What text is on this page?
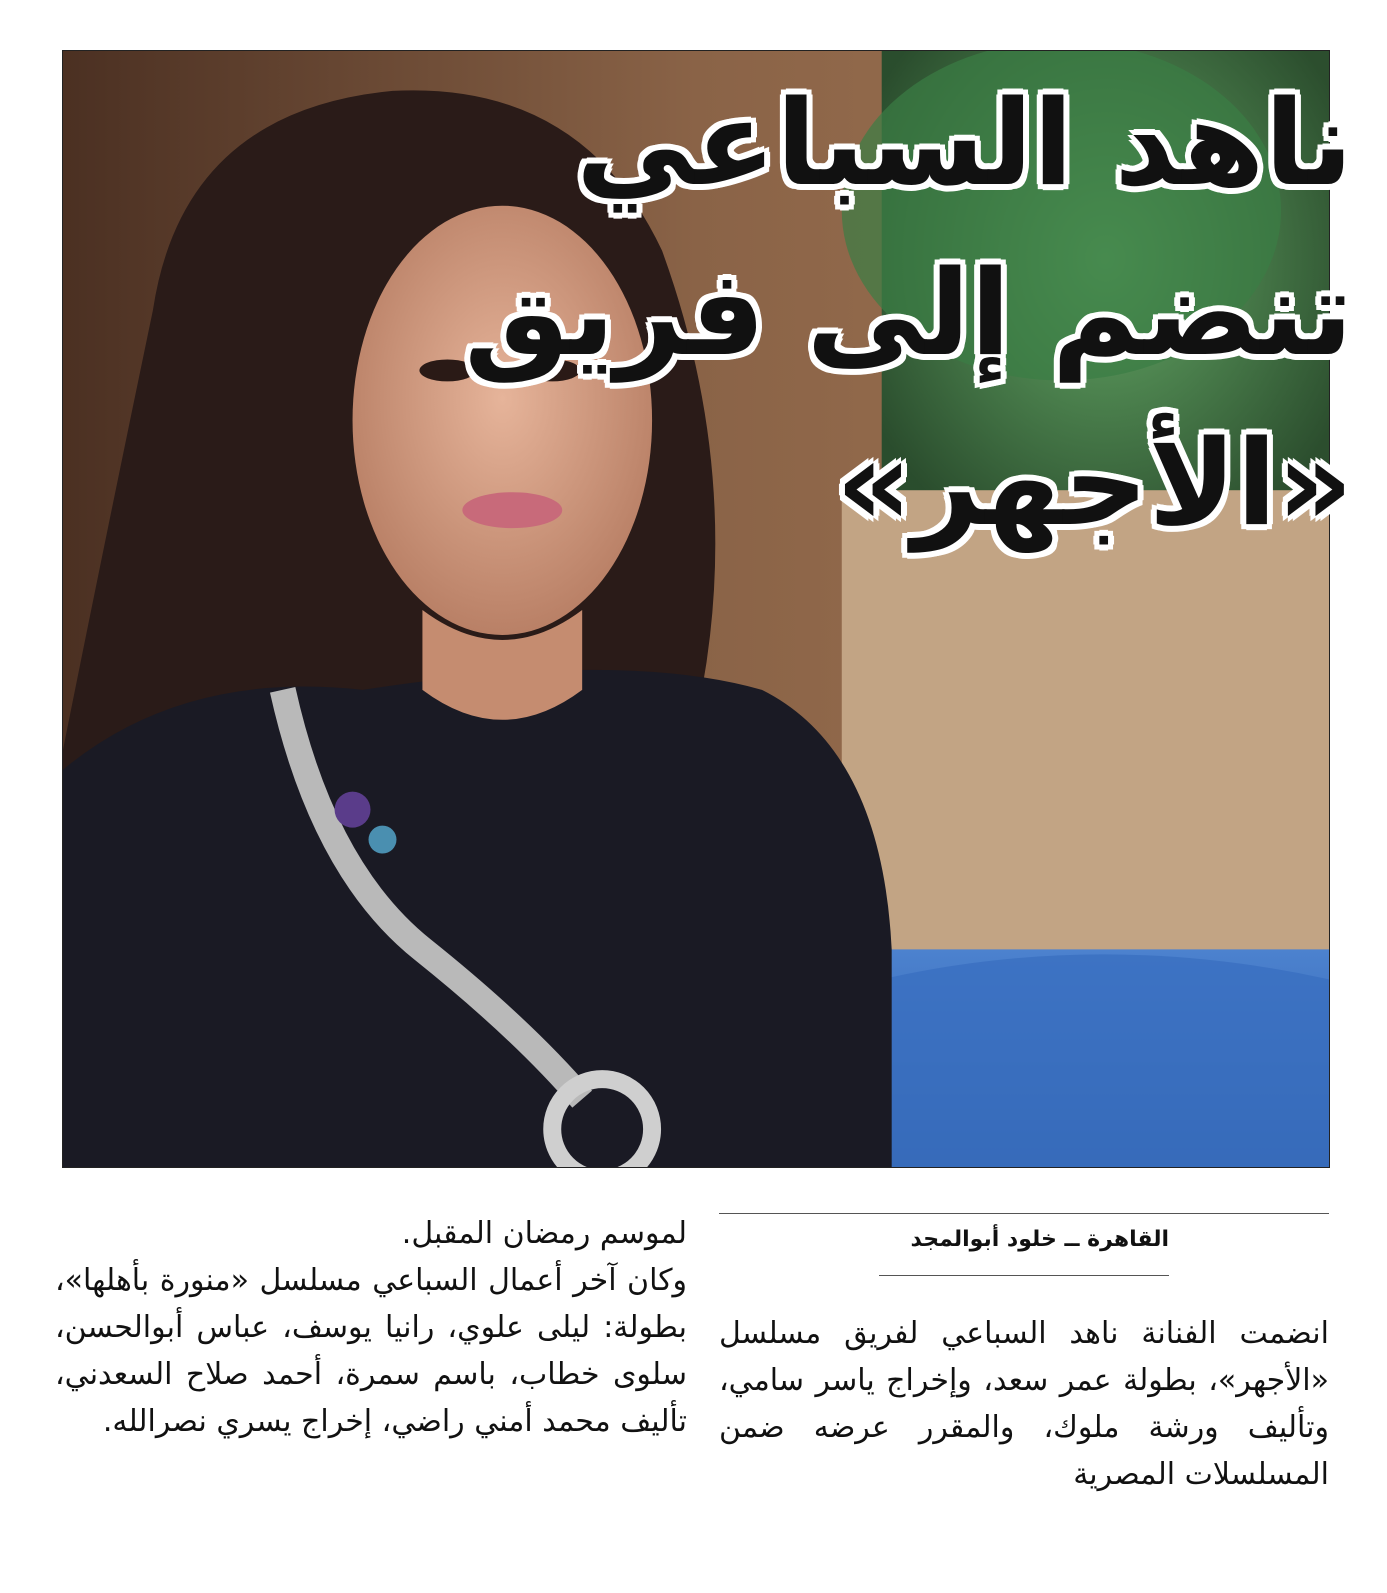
ناهد السباعي
تنضم إلى فريق
«الأجهر»
القاهرة ــ خلود أبوالمجد

انضمت الفنانة ناهد السباعي لفريق مسلسل «الأجهر»، بطولة عمر سعد، وإخراج ياسر سامي، وتأليف ورشة ملوك، والمقرر عرضه ضمن المسلسلات المصرية

لموسم رمضان المقبل.

وكان آخر أعمال السباعي مسلسل «منورة بأهلها»، بطولة: ليلى علوي، رانيا يوسف، عباس أبوالحسن، سلوى خطاب، باسم سمرة، أحمد صلاح السعدني، تأليف محمد أمني راضي، إخراج يسري نصرالله.
